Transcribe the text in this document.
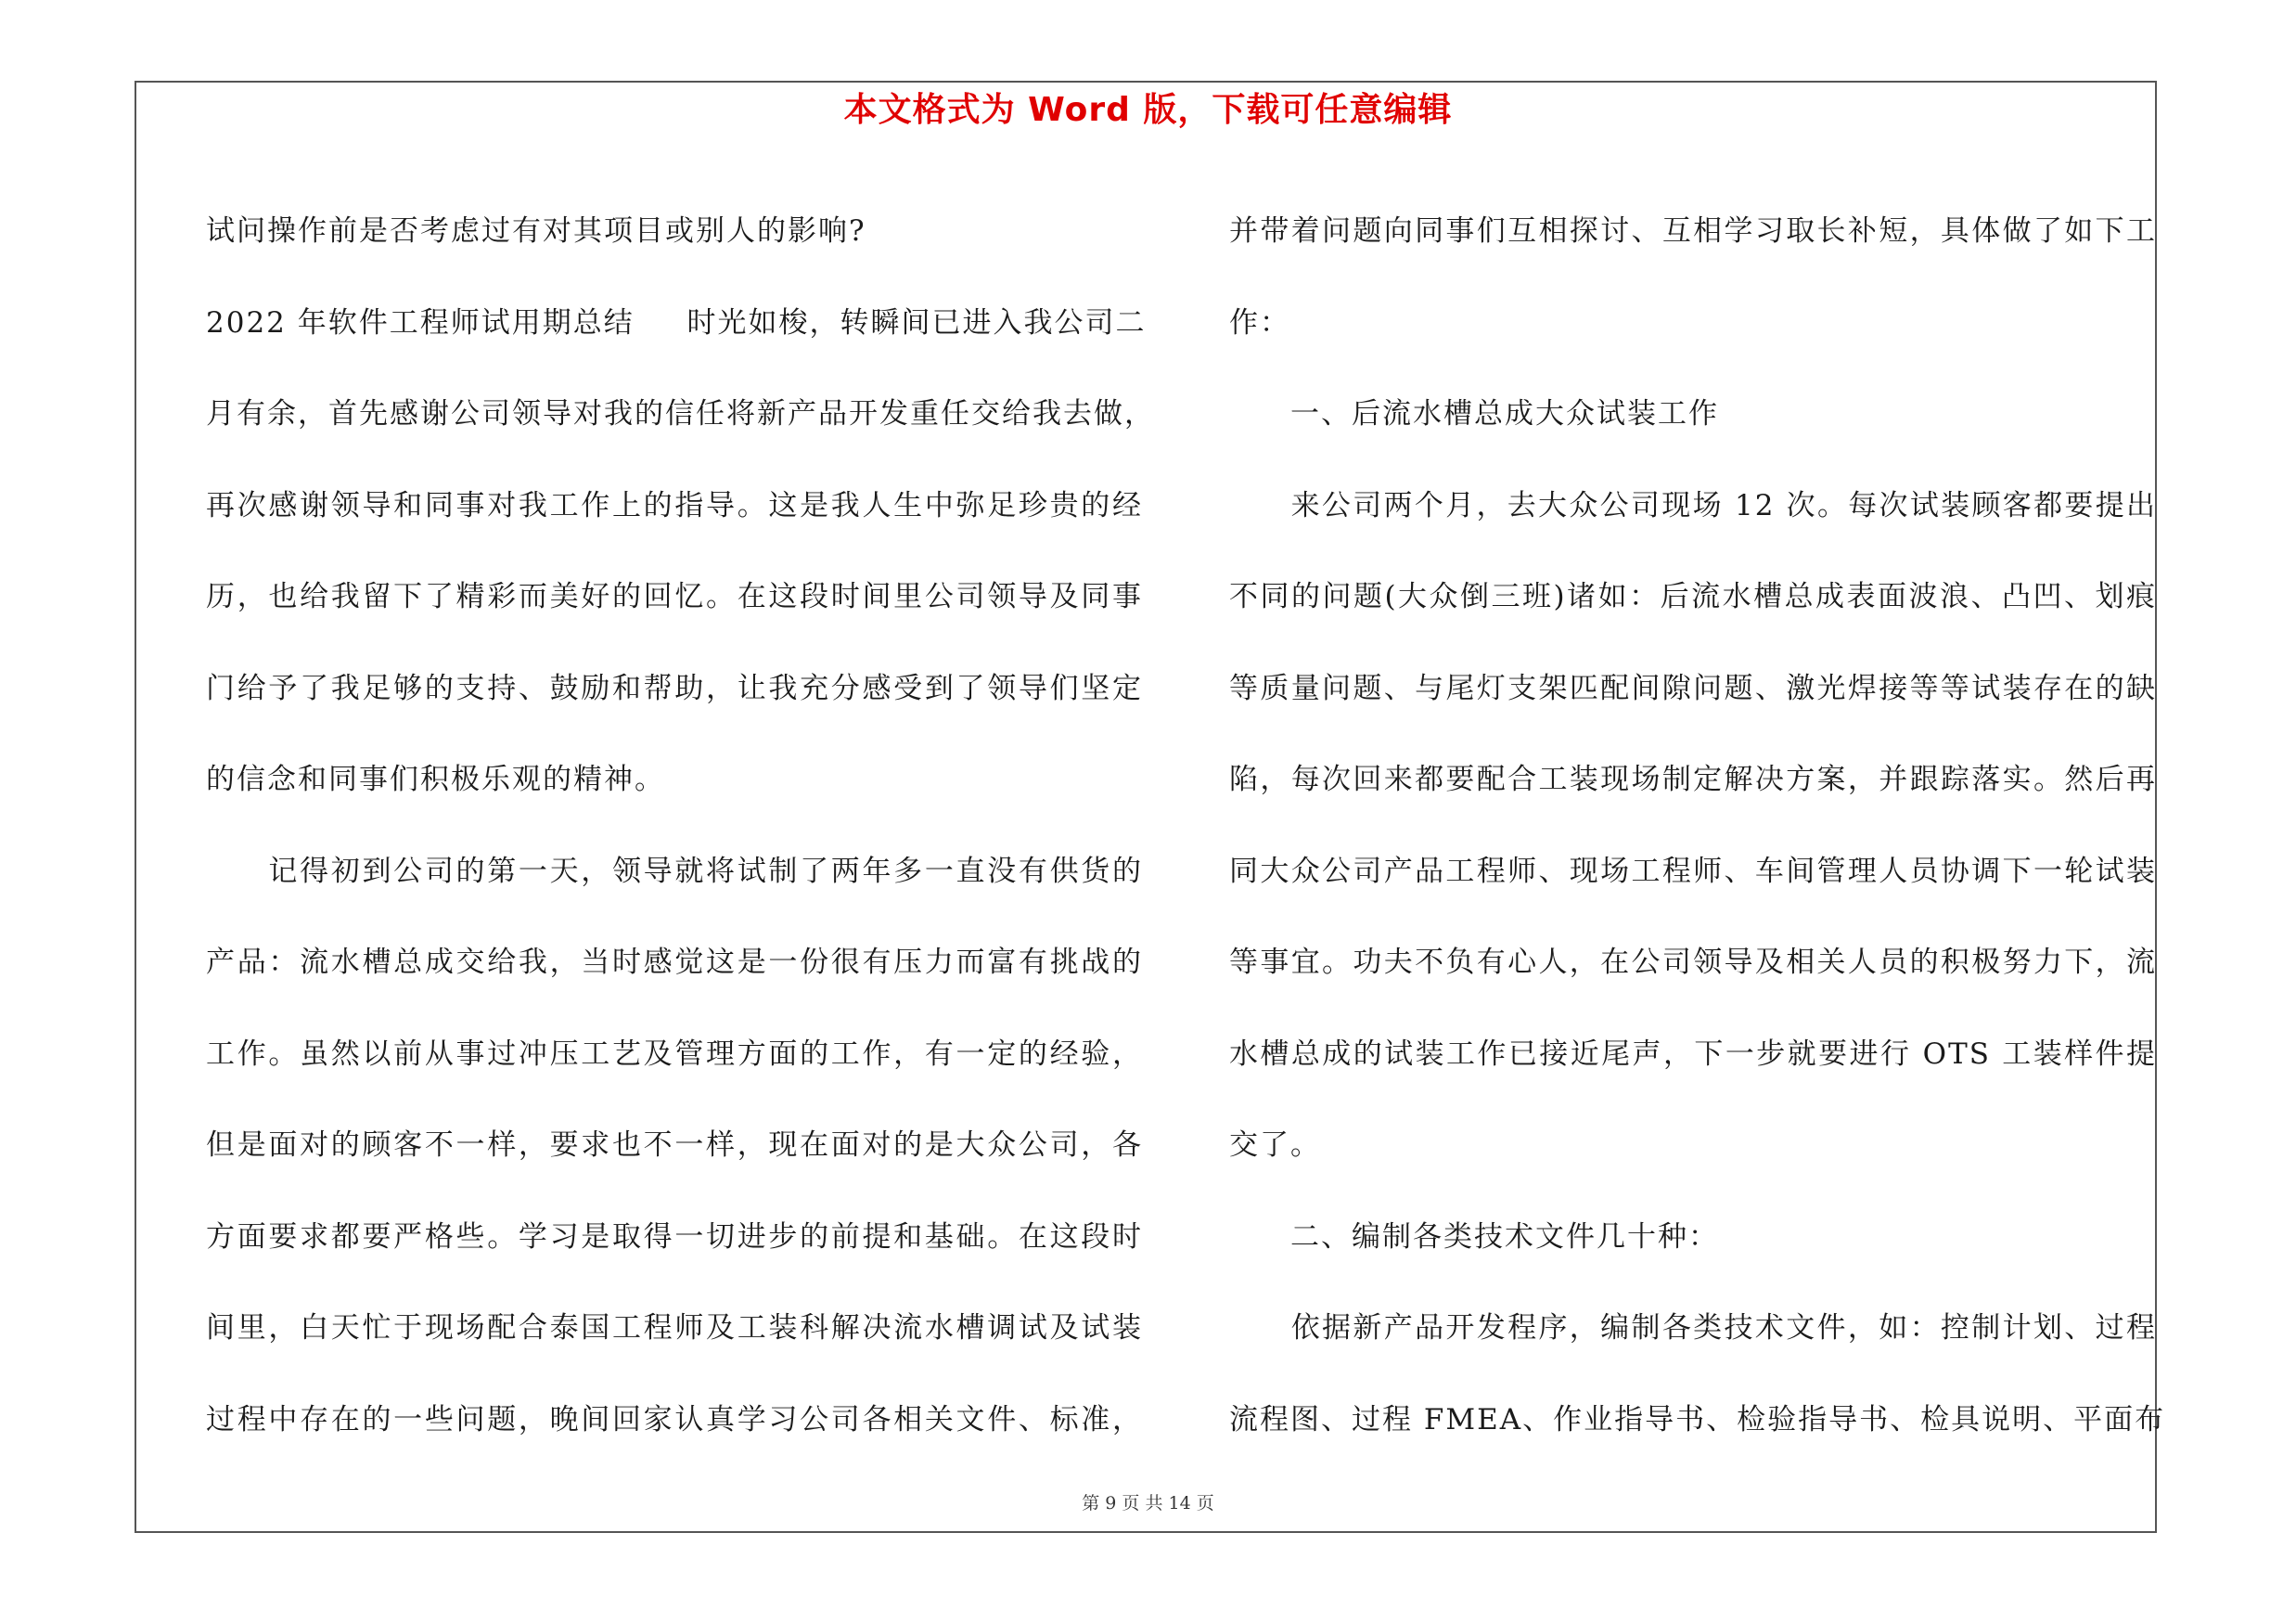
本文格式为 Word 版，下载可任意编辑
试问操作前是否考虑过有对其项目或别人的影响?
2022 年软件工程师试用期总结 　 时光如梭，转瞬间已进入我公司二
月有余，首先感谢公司领导对我的信任将新产品开发重任交给我去做，
再次感谢领导和同事对我工作上的指导。这是我人生中弥足珍贵的经
历，也给我留下了精彩而美好的回忆。在这段时间里公司领导及同事
门给予了我足够的支持、鼓励和帮助，让我充分感受到了领导们坚定
的信念和同事们积极乐观的精神。
　　记得初到公司的第一天，领导就将试制了两年多一直没有供货的
产品：流水槽总成交给我，当时感觉这是一份很有压力而富有挑战的
工作。虽然以前从事过冲压工艺及管理方面的工作，有一定的经验，
但是面对的顾客不一样，要求也不一样，现在面对的是大众公司，各
方面要求都要严格些。学习是取得一切进步的前提和基础。在这段时
间里，白天忙于现场配合泰国工程师及工装科解决流水槽调试及试装
过程中存在的一些问题，晚间回家认真学习公司各相关文件、标准，
并带着问题向同事们互相探讨、互相学习取长补短，具体做了如下工
作：
　　一、后流水槽总成大众试装工作
　　来公司两个月，去大众公司现场 12 次。每次试装顾客都要提出
不同的问题(大众倒三班)诸如：后流水槽总成表面波浪、凸凹、划痕
等质量问题、与尾灯支架匹配间隙问题、激光焊接等等试装存在的缺
陷，每次回来都要配合工装现场制定解决方案，并跟踪落实。然后再
同大众公司产品工程师、现场工程师、车间管理人员协调下一轮试装
等事宜。功夫不负有心人，在公司领导及相关人员的积极努力下，流
水槽总成的试装工作已接近尾声，下一步就要进行 OTS 工装样件提
交了。
　　二、编制各类技术文件几十种：
　　依据新产品开发程序，编制各类技术文件，如：控制计划、过程
流程图、过程 FMEA、作业指导书、检验指导书、检具说明、平面布
第 9 页 共 14 页
